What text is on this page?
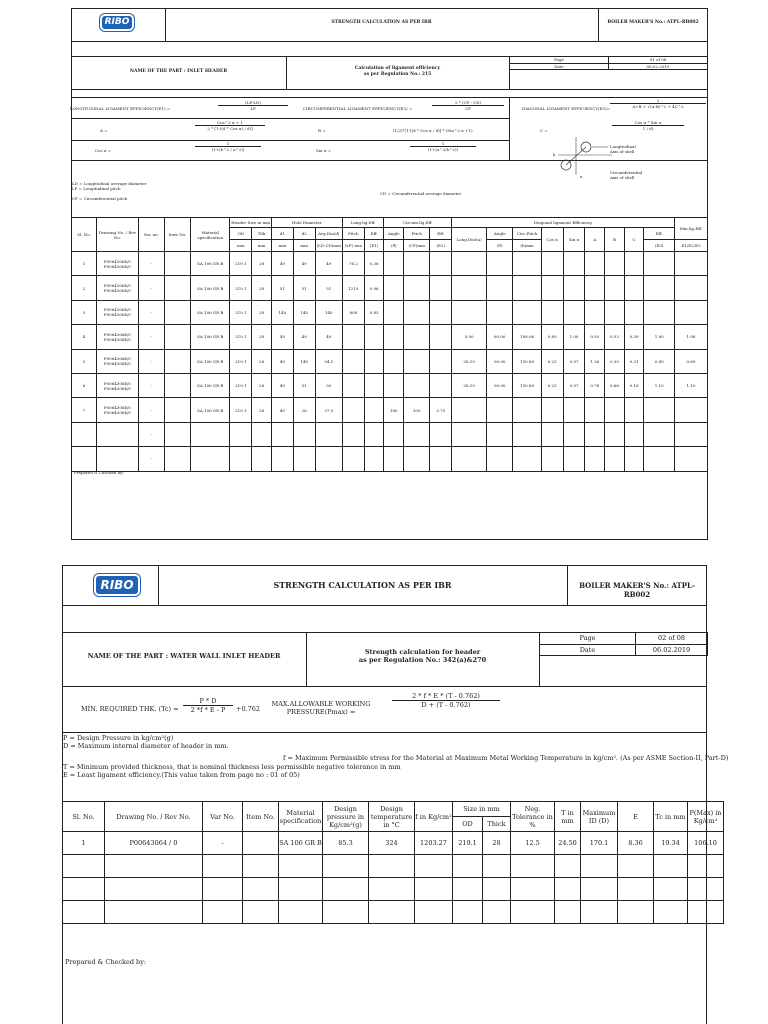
RIBO	STRENGTH CALCULATION AS PER IBR	BOILER MAKER'S No.: ATPL-RB002
NAME OF THE PART : INLET HEADER
Calculation of ligament efficiency
as per Regulation No.: 215
Page	01 of 08
Date	06.02.2019
LONGITUDINAL LIGAMENT EFFICIENCY(E1) =	$\frac{(LP-LD)}{LP}$	CIRCUMFERENTIAL LIGAMENT EFFICIENCY(E2) =	$\frac{2 * (CP - CD)}{CP}$	DIAGONAL LIGAMENT EFFICIENCY(E3)= $\frac{2}{A+B + √(A-B)\^{}2 + 4C\^{}2}$
A =	$\frac{\text{Cos\textasciicircum{}2 α + 1}}{\text{2 * [1-((d * Cos α) / d)]}}$	B =	(1/2)*(1-[(d * Cos α / d)] * (Sin^2 α +1)	C =	$\frac{\text{Cos α * Sin α}}{1 / d)}$
Cos α =	$\frac{1}{(1+(b\^{}2 / a\^{}2))}$	Sin α =	$\frac{1}{(1+(a\^{}2/b\^{}2))}$
b
a
Longitudinal Axis of shell
Circumferential Axis of shell
LD = Longitudinal average diameter
LP = Longitudinal pitch
CP = Circumferential pitch
CD = Circumferential average diameter
Sl. No.	Drawing No. / Rev No.	Var. no.	Item No.	Material specification	Header Size in mm		Hole Diameter			Long.lig.Eff.		Circum.lig.Eff.			Diagonal ligament Efficiency									Min.lig.Eff.
					OD	Thk	d1	d2	Avg.Dia(d)	Pitch	Eff.	Angle	Pitch	Eff.	Long.Dist(a)	Angle	Circ.Pitch	Cos α	Sin α	A	B	C	Eff.	
					mm	mm	mm	mm	(LD-CD)mm	(LP) mm	(E1)	(θ)	(CP)mm	(E2)		(θ)	(b)mm						(E3)	E1/E2/E3
1	P00643064/0 P00643064/0	-		SA 106 GR B	219.1	28	49	49	49	76.2	0.36													
2	P00643064/0 P00643064/0	-		SA 106 GR B	219.1	28	51	51	51	1219	0.96													
3	P00643064/0 P00643064/0	-		SA 106 GR B	219.1	28	140	140	140	808	0.83													
4	P00643064/0 P00643064/0	-		SA 106 GR B	219.1	28	49	49	49						0.00	60.00	108.06	0.89	1.00	0.93	0.53	0.39	1.80	1.08
5	P00643064/0 P00643064/0	-		SA 106 GR B	219.1	28	49	140	94.5						38.10	90.00	150.89	0.25	0.97	1.36	0.30	0.31	0.49	0.69
6	P00643064/0 P00643064/0	-		SA 106 GR B	219.1	28	49	51	50						38.10	90.00	150.89	0.25	0.97	0.78	0.66	0.18	1.10	1.10
7	P00643064/0 P00643064/0	-		SA 106 GR B	219.1	28	49	26	37.5			180	300	3.75										
		-																						
		-																						
Prepared & Checked by:
RIBO	STRENGTH CALCULATION AS PER IBR	BOILER MAKER'S No.: ATPL-RB002
NAME OF THE PART : WATER WALL INLET HEADER	Strength calculation for header
as per Regulation No.: 342(a)&270
Page	02 of 08
Date	06.02.2019
MIN. REQUIRED THK. $(Tc) = \frac{P * D}{2 *f * E - P} +0.762$
MAX.ALLOWABLE WORKING
PRESSURE(Pmax) =
$\frac{2 * f * E * (T - 0.762)}{D + (T - 0.762)}$
P = Design Pressure in kg/cm²(g)
D = Maximum internal diameter of header in mm.
f = Maximum Permissible stress for the Material at Maximum Metal Working Temperature in kg/cm². (As per ASME Section-II, Part-D)
T = Minimum provided thickness, that is nominal thickness less permissible negative tolerance in mm
E = Least ligament efficiency.(This value taken from page no : 01 of 05)
Sl. No.	Drawing No. / Rev No.	Var No.	Item No.	Material specification	Design pressure in Kg/cm²(g)	Design temperature in °C	f in Kg/cm²	Size in mm		Neg. Tolerance in %	T in mm	Maximum ID (D)	E	Tc in mm	P(Max) in Kg/cm²
								OD	Thick						
1	P00643064 / 0	-		SA 106 GR B	85.3	324	1203.27	219.1	28	12.5	24.50	170.1	8.36	19.34	106.10

Prepared & Checked by:
